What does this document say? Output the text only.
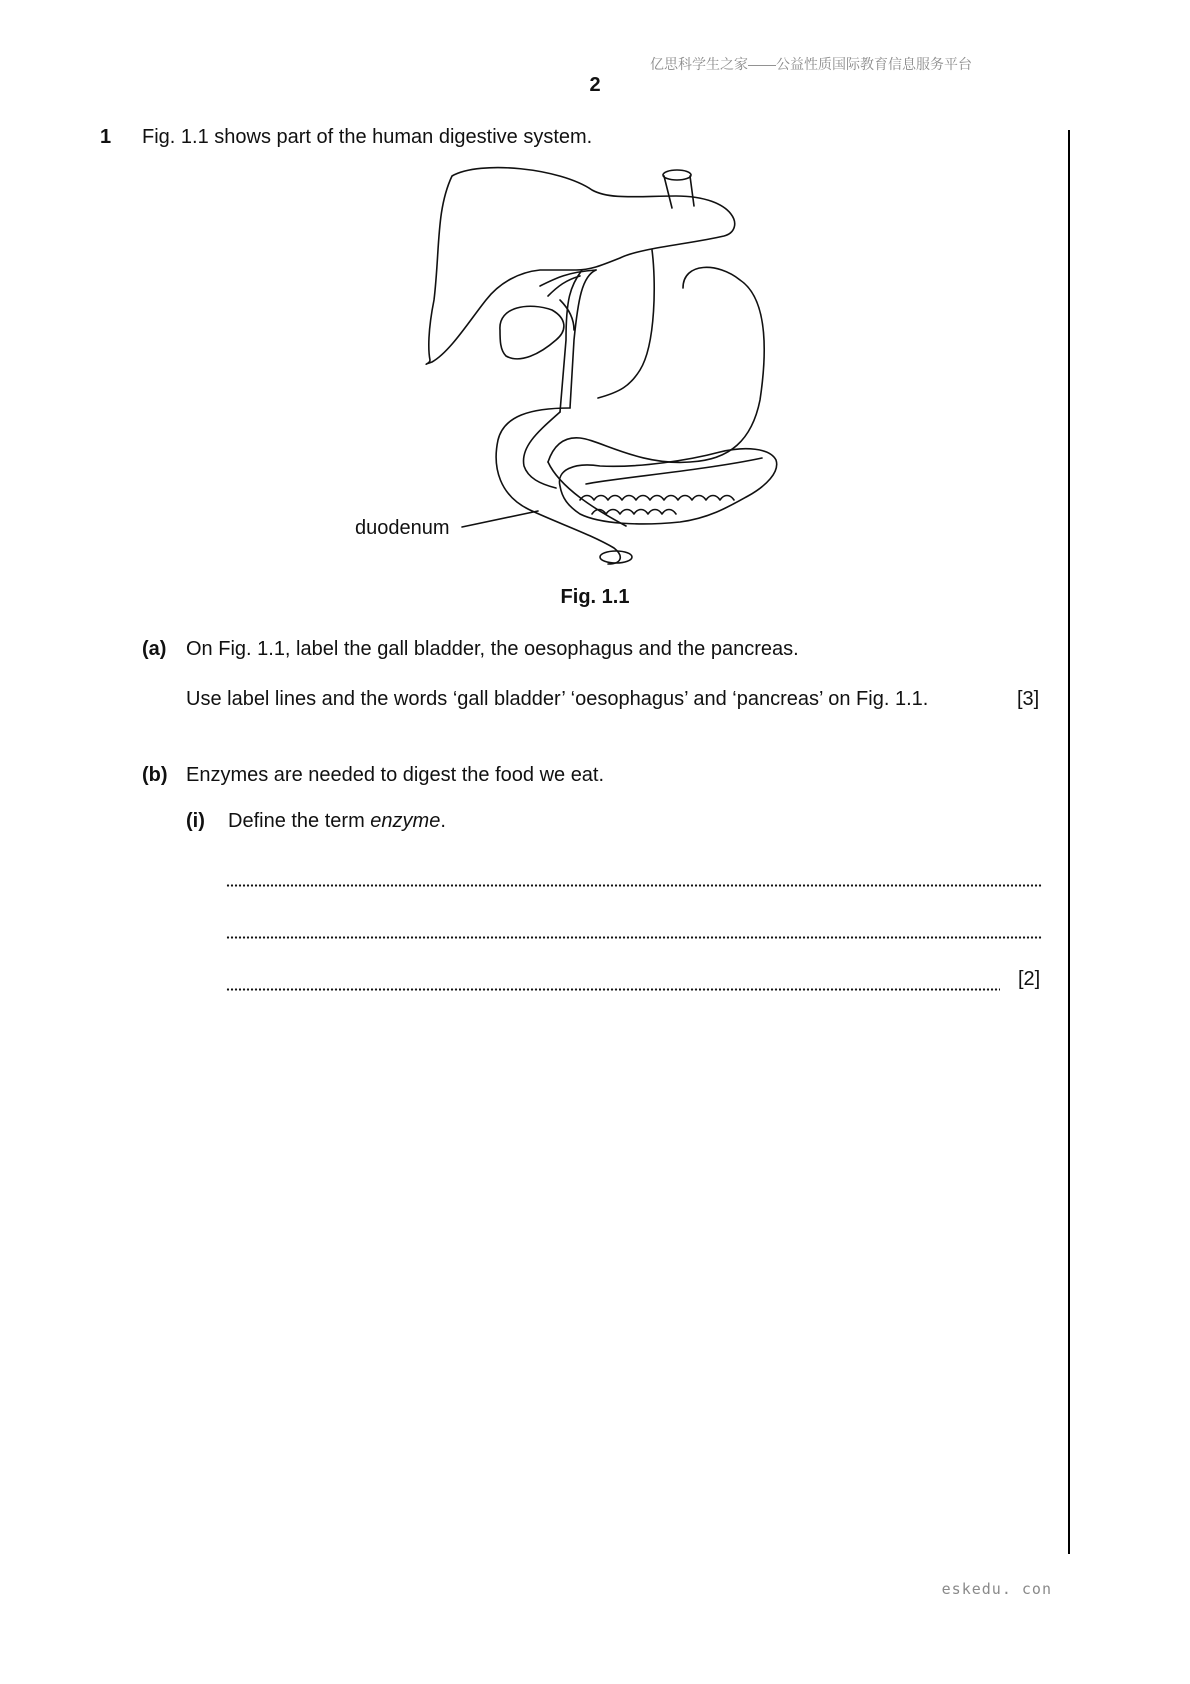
亿思科学生之家——公益性质国际教育信息服务平台
2
1 Fig. 1.1 shows part of the human digestive system.
duodenum
Fig. 1.1
(a) On Fig. 1.1, label the gall bladder, the oesophagus and the pancreas.
Use label lines and the words ‘gall bladder’ ‘oesophagus’ and ‘pancreas’ on Fig. 1.1.	[3]
(b) Enzymes are needed to digest the food we eat.
(i) Define the term enzyme.
[2]
eskedu. con
